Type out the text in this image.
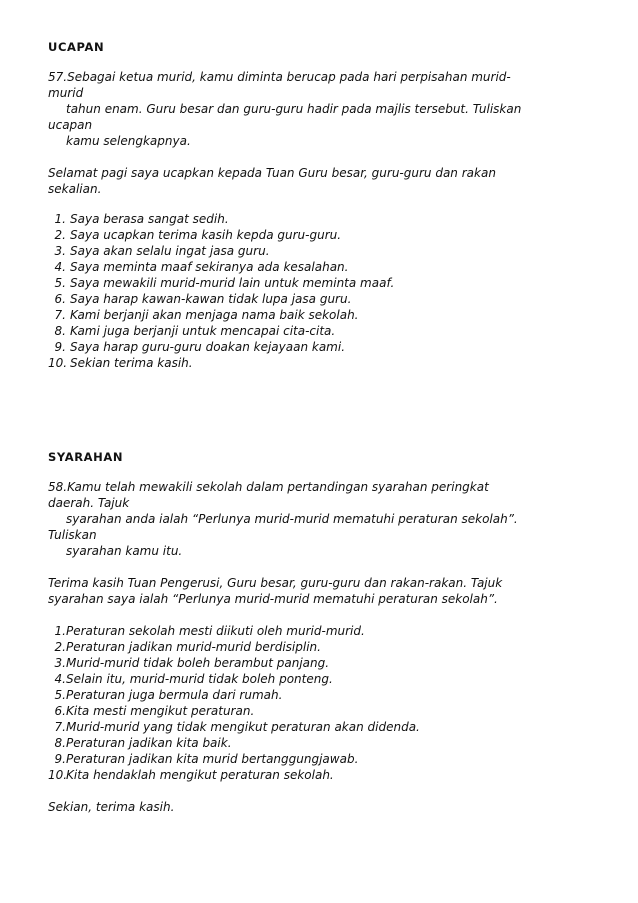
UCAPAN
57.Sebagai ketua murid, kamu diminta berucap pada hari perpisahan murid-
murid
tahun enam. Guru besar dan guru-guru hadir pada majlis tersebut. Tuliskan
ucapan
kamu selengkapnya.
Selamat pagi saya ucapkan kepada Tuan Guru besar, guru-guru dan rakan
sekalian.
1. Saya berasa sangat sedih.
2. Saya ucapkan terima kasih kepda guru-guru.
3. Saya akan selalu ingat jasa guru.
4. Saya meminta maaf sekiranya ada kesalahan.
5. Saya mewakili murid-murid lain untuk meminta maaf.
6. Saya harap kawan-kawan tidak lupa jasa guru.
7. Kami berjanji akan menjaga nama baik sekolah.
8. Kami juga berjanji untuk mencapai cita-cita.
9. Saya harap guru-guru doakan kejayaan kami.
10. Sekian terima kasih.
SYARAHAN
58.Kamu telah mewakili sekolah dalam pertandingan syarahan peringkat
daerah. Tajuk
syarahan anda ialah “Perlunya murid-murid mematuhi peraturan sekolah”.
Tuliskan
syarahan kamu itu.
Terima kasih Tuan Pengerusi, Guru besar, guru-guru dan rakan-rakan. Tajuk
syarahan saya ialah “Perlunya murid-murid mematuhi peraturan sekolah”.
1.Peraturan sekolah mesti diikuti oleh murid-murid.
2.Peraturan jadikan murid-murid berdisiplin.
3.Murid-murid tidak boleh berambut panjang.
4.Selain itu, murid-murid tidak boleh ponteng.
5.Peraturan juga bermula dari rumah.
6.Kita mesti mengikut peraturan.
7.Murid-murid yang tidak mengikut peraturan akan didenda.
8.Peraturan jadikan kita baik.
9.Peraturan jadikan kita murid bertanggungjawab.
10.Kita hendaklah mengikut peraturan sekolah.
Sekian, terima kasih.
